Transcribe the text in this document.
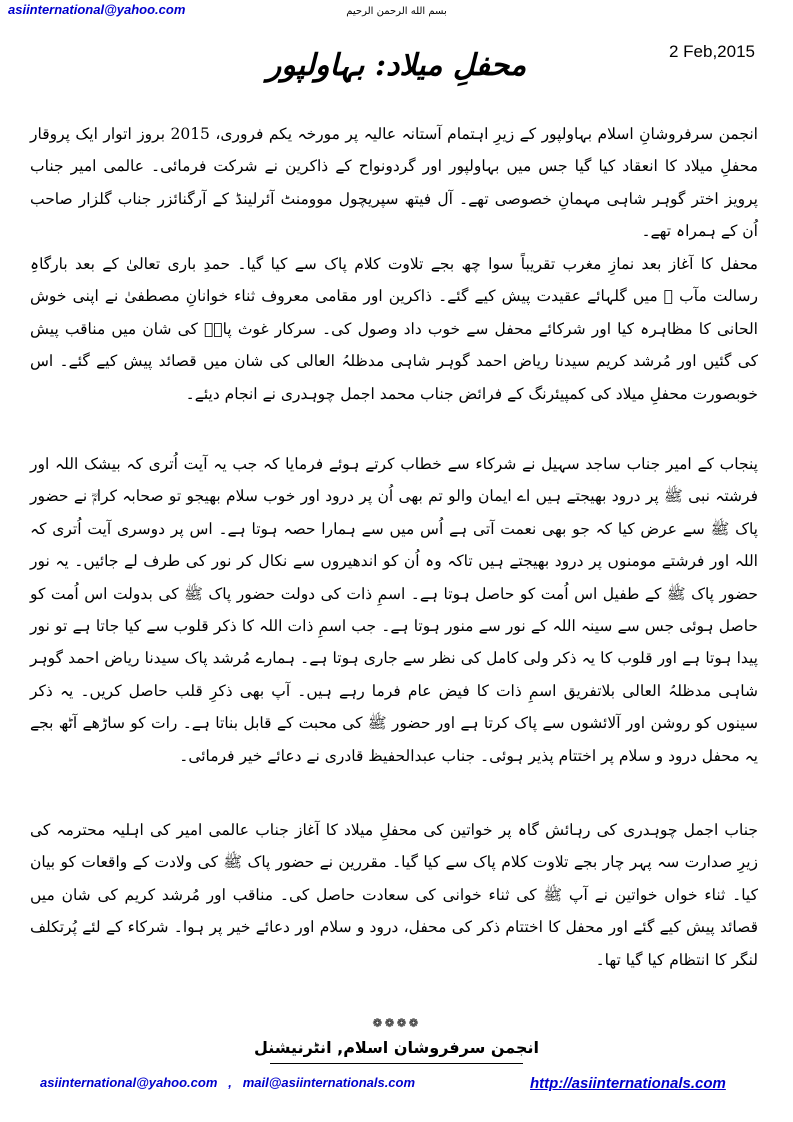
asiinternational@yahoo.com	بسم الله الرحمن الرحیم
2 Feb,2015
محفلِ میلاد: بہاولپور

انجمن سرفروشانِ اسلام بہاولپور کے زیرِ اہتمام آستانہ عالیہ پر مورخہ یکم فروری، 2015 بروز اتوار ایک پروقار محفلِ میلاد کا انعقاد کیا گیا جس میں بہاولپور اور گردونواح کے ذاکرین نے شرکت فرمائی۔ عالمی امیر جناب پرویز اختر گوہر شاہی مہمانِ خصوصی تھے۔ آل فیتھ سپریچول موومنٹ آئرلینڈ کے آرگنائزر جناب گلزار صاحب اُن کے ہمراہ تھے۔

محفل کا آغاز بعد نمازِ مغرب تقریباً سوا چھ بجے تلاوت کلام پاک سے کیا گیا۔ حمدِ باری تعالیٰ کے بعد بارگاہِ رسالت مآب ﷺ میں گلہائے عقیدت پیش کیے گئے۔ ذاکرین اور مقامی معروف ثناء خوانانِ مصطفیٰ نے اپنی خوش الحانی کا مظاہرہ کیا اور شرکائے محفل سے خوب داد وصول کی۔ سرکار غوث پاکؓ کی شان میں مناقب پیش کی گئیں اور مُرشد کریم سیدنا ریاض احمد گوہر شاہی مدظلہُ العالی کی شان میں قصائد پیش کیے گئے۔ اس خوبصورت محفلِ میلاد کی کمپیئرنگ کے فرائض جناب محمد اجمل چوہدری نے انجام دیئے۔

پنجاب کے امیر جناب ساجد سہیل نے شرکاء سے خطاب کرتے ہوئے فرمایا کہ جب یہ آیت اُتری کہ بیشک اللہ اور فرشتہ نبی ﷺ پر درود بھیجتے ہیں اے ایمان والو تم بھی اُن پر درود اور خوب سلام بھیجو تو صحابہ کرامؓ نے حضور پاک ﷺ سے عرض کیا کہ جو بھی نعمت آتی ہے اُس میں سے ہمارا حصہ ہوتا ہے۔ اس پر دوسری آیت اُتری کہ اللہ اور فرشتے مومنوں پر درود بھیجتے ہیں تاکہ وہ اُن کو اندھیروں سے نکال کر نور کی طرف لے جائیں۔ یہ نور حضور پاک ﷺ کے طفیل اس اُمت کو حاصل ہوتا ہے۔ اسمِ ذات کی دولت حضور پاک ﷺ کی بدولت اس اُمت کو حاصل ہوئی جس سے سینہ اللہ کے نور سے منور ہوتا ہے۔ جب اسمِ ذات اللہ کا ذکر قلوب سے کیا جاتا ہے تو نور پیدا ہوتا ہے اور قلوب کا یہ ذکر ولی کامل کی نظر سے جاری ہوتا ہے۔ ہمارے مُرشد پاک سیدنا ریاض احمد گوہر شاہی مدظلہُ العالی بلاتفریق اسمِ ذات کا فیض عام فرما رہے ہیں۔ آپ بھی ذکرِ قلب حاصل کریں۔ یہ ذکر سینوں کو روشن اور آلائشوں سے پاک کرتا ہے اور حضور ﷺ کی محبت کے قابل بناتا ہے۔ رات کو ساڑھے آٹھ بجے یہ محفل درود و سلام پر اختتام پذیر ہوئی۔ جناب عبدالحفیظ قادری نے دعائے خیر فرمائی۔

جناب اجمل چوہدری کی رہائش گاہ پر خواتین کی محفلِ میلاد کا آغاز جناب عالمی امیر کی اہلیہ محترمہ کی زیرِ صدارت سہ پہر چار بجے تلاوت کلام پاک سے کیا گیا۔ مقررین نے حضور پاک ﷺ کی ولادت کے واقعات کو بیان کیا۔ ثناء خواں خواتین نے آپ ﷺ کی ثناء خوانی کی سعادت حاصل کی۔ مناقب اور مُرشد کریم کی شان میں قصائد پیش کیے گئے اور محفل کا اختتام ذکر کی محفل، درود و سلام اور دعائے خیر پر ہوا۔ شرکاء کے لئے پُرتکلف لنگر کا انتظام کیا گیا تھا۔

❁❁❁❁
انجمن سرفروشان اسلام, انٹرنیشنل
asiinternational@yahoo.com , mail@asiinternationals.com	http://asiinternationals.com
